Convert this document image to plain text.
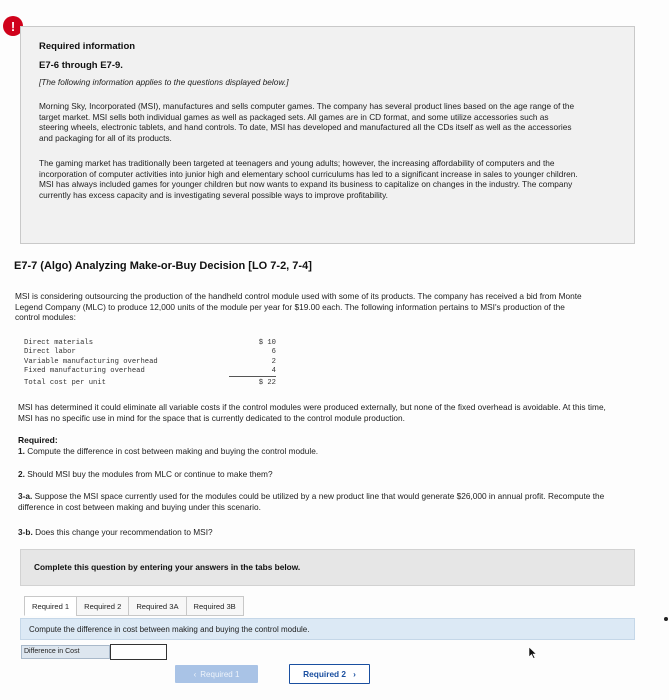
!
Required information
E7-6 through E7-9.
[The following information applies to the questions displayed below.]

Morning Sky, Incorporated (MSI), manufactures and sells computer games. The company has several product lines based on the age range of the target market. MSI sells both individual games as well as packaged sets. All games are in CD format, and some utilize accessories such as steering wheels, electronic tablets, and hand controls. To date, MSI has developed and manufactured all the CDs itself as well as the accessories and packaging for all of its products.

The gaming market has traditionally been targeted at teenagers and young adults; however, the increasing affordability of computers and the incorporation of computer activities into junior high and elementary school curriculums has led to a significant increase in sales to younger children. MSI has always included games for younger children but now wants to expand its business to capitalize on changes in the industry. The company currently has excess capacity and is investigating several possible ways to improve profitability.

E7-7 (Algo) Analyzing Make-or-Buy Decision [LO 7-2, 7-4]

MSI is considering outsourcing the production of the handheld control module used with some of its products. The company has received a bid from Monte Legend Company (MLC) to produce 12,000 units of the module per year for $19.00 each. The following information pertains to MSI's production of the control modules:

Direct materials	$ 10
Direct labor	6
Variable manufacturing overhead	2
Fixed manufacturing overhead	4
Total cost per unit	$ 22

MSI has determined it could eliminate all variable costs if the control modules were produced externally, but none of the fixed overhead is avoidable. At this time, MSI has no specific use in mind for the space that is currently dedicated to the control module production.

Required:
1. Compute the difference in cost between making and buying the control module.
2. Should MSI buy the modules from MLC or continue to make them?
3-a. Suppose the MSI space currently used for the modules could be utilized by a new product line that would generate $26,000 in annual profit. Recompute the difference in cost between making and buying under this scenario.
3-b. Does this change your recommendation to MSI?
Complete this question by entering your answers in the tabs below.
Required 1	Required 2	Required 3A	Required 3B
Compute the difference in cost between making and buying the control module.
Difference in Cost
‹ Required 1	Required 2 ›
